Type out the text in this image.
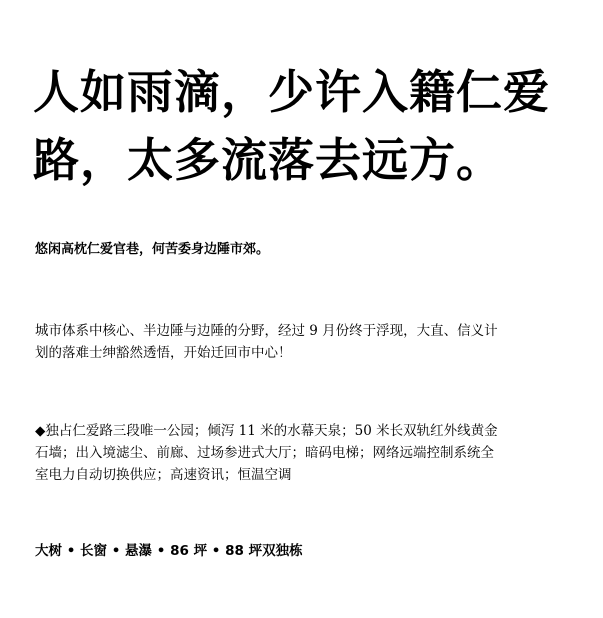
人如雨滴，少许入籍仁爱
路，太多流落去远方。

悠闲高枕仁爱官巷，何苦委身边陲市郊。

城市体系中核心、半边陲与边陲的分野，经过 9 月份终于浮现，大直、信义计
划的落难士绅豁然透悟，开始迁回市中心！

◆独占仁爱路三段唯一公园；倾泻 11 米的水幕天泉；50 米长双轨红外线黄金
石墙；出入境滤尘、前廊、过场参进式大厅；暗码电梯；网络远端控制系统全
室电力自动切换供应；高速资讯；恒温空调

大树 • 长窗 • 悬瀑 • 86 坪 • 88 坪双独栋
